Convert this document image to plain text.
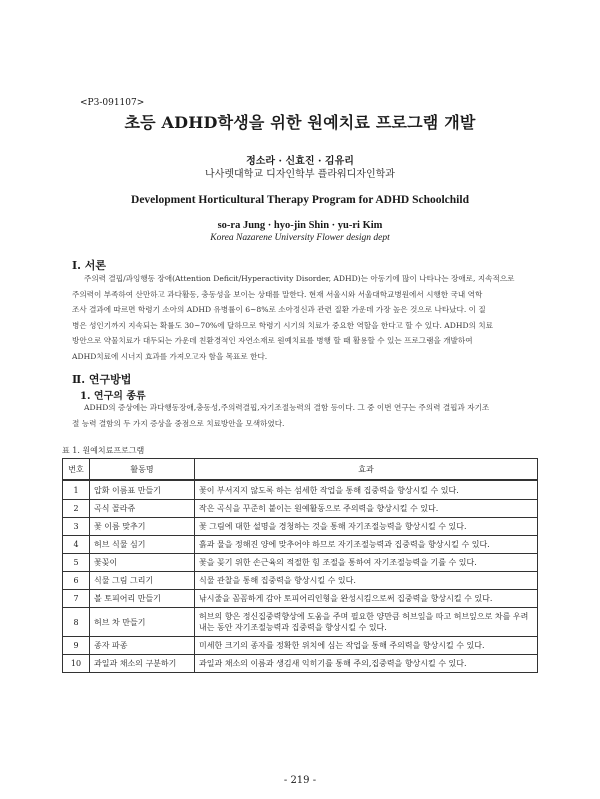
<P3-091107>
초등 ADHD학생을 위한 원예치료 프로그램 개발
정소라 · 신효진 · 김유리
나사렛대학교 디자인학부 플라워디자인학과
Development Horticultural Therapy Program for ADHD Schoolchild
so-ra Jung · hyo-jin Shin · yu-ri Kim
Korea Nazarene University Flower design dept
Ⅰ. 서론
주의력 결핍/과잉행동 장애(Attention Deficit/Hyperactivity Disorder, ADHD)는 아동기에 많이 나타나는 장애로, 지속적으로
주의력이 부족하여 산만하고 과다활동, 충동성을 보이는 상태를 말한다. 현재 서울시와 서울대학교병원에서 시행한 국내 역학
조사 결과에 따르면 학령기 소아의 ADHD 유병률이 6~8%로 소아정신과 관련 질환 가운데 가장 높은 것으로 나타났다. 이 질
병은 성인기까지 지속되는 확률도 30~70%에 달하므로 학령기 시기의 치료가 중요한 역할을 한다고 할 수 있다. ADHD의 치료
방안으로 약물치료가 대두되는 가운데 친환경적인 자연소재로 원예치료를 병행 할 때 활용할 수 있는 프로그램을 개발하여
ADHD치료에 시너지 효과를 가져오고자 함을 목표로 한다.
Ⅱ. 연구방법
1. 연구의 종류
ADHD의 증상에는 과다행동장애,충동성,주의력결핍,자기조절능력의 결함 등이다. 그 중 이번 연구는 주의력 결핍과 자기조
절 능력 결함의 두 가지 증상을 중점으로 치료방안을 모색하였다.
표 1. 원예치료프로그램
번호	활동명	효과
1	압화 이름표 만들기	꽃이 부서지지 않도록 하는 섬세한 작업을 통해 집중력을 향상시킬 수 있다.
2	곡식 꼴라쥬	작은 곡식을 꾸준히 붙이는 원예활동으로 주의력을 향상시킬 수 있다.
3	꽃 이름 맞추기	꽃 그림에 대한 설명을 경청하는 것을 통해 자기조절능력을 향상시킬 수 있다.
4	허브 식물 심기	흙과 물을 정해진 양에 맞추어야 하므로 자기조절능력과 집중력을 향상시킬 수 있다.
5	꽃꽂이	꽃을 꽂기 위한 손근육의 적절한 힘 조절을 통하여 자기조절능력을 기를 수 있다.
6	식물 그림 그리기	식물 관찰을 통해 집중력을 향상시킬 수 있다.
7	볼 토피어리 만들기	낚시줄을 꼼꼼하게 감아 토피어리인형을 완성시킴으로써 집중력을 향상시킬 수 있다.
8	허브 차 만들기	허브의 향은 정신집중력향상에 도움을 주며 필요한 양만큼 허브잎을 따고 허브잎으로 차를 우려내는 동안 자기조절능력과 집중력을 향상시킬 수 있다.
9	종자 파종	미세한 크기의 종자를 정확한 위치에 심는 작업을 통해 주의력을 향상시킬 수 있다.
10	과일과 채소의 구분하기	과일과 채소의 이름과 생김새 익히기를 통해 주의,집중력을 향상시킬 수 있다.
- 219 -
